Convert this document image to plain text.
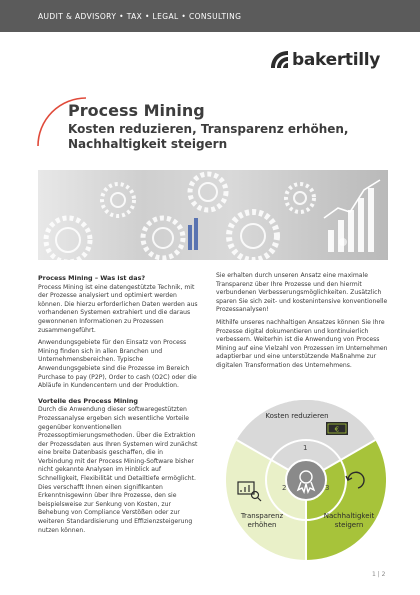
AUDIT & ADVISORY • TAX • LEGAL • CONSULTING
bakertilly
Process Mining
Kosten reduzieren, Transparenz erhöhen, Nachhaltigkeit steigern
Process Mining – Was ist das?

Process Mining ist eine datengestützte Technik, mit der Prozesse analysiert und optimiert werden können. Die hierzu erforderlichen Daten werden aus vorhandenen Systemen extrahiert und die daraus gewonnenen Informationen zu Prozessen zusammengeführt.

Anwendungsgebiete für den Einsatz von Process Mining finden sich in allen Branchen und Unternehmensbereichen. Typische Anwendungsgebiete sind die Prozesse im Bereich Purchase to pay (P2P), Order to cash (O2C) oder die Abläufe in Kundencentern und der Produktion.

Vorteile des Process Mining

Durch die Anwendung dieser softwaregestützten Prozessanalyse ergeben sich wesentliche Vorteile gegenüber konventionellen Prozessoptimierungsmethoden. Über die Extraktion der Prozessdaten aus Ihren Systemen wird zunächst eine breite Datenbasis geschaffen, die in Verbindung mit der Process Mining-Software bisher nicht gekannte Analysen im Hinblick auf Schnelligkeit, Flexibilität und Detailtiefe ermöglicht. Dies verschafft Ihnen einen signifikanten Erkenntnisgewinn über Ihre Prozesse, den sie beispielsweise zur Senkung von Kosten, zur Behebung von Compliance Verstößen oder zur weiteren Standardisierung und Effizienzsteigerung nutzen können.

Sie erhalten durch unseren Ansatz eine maximale Transparenz über Ihre Prozesse und den hiermit verbundenen Verbesserungsmöglichkeiten. Zusätzlich sparen Sie sich zeit- und kostenintensive konventionelle Prozessanalysen!

Mithilfe unseres nachhaltigen Ansatzes können Sie Ihre Prozesse digital dokumentieren und kontinuierlich verbessern. Weiterhin ist die Anwendung von Process Mining auf eine Vielzahl von Prozessen im Unternehmen adaptierbar und eine unterstützende Maßnahme zur digitalen Transformation des Unternehmens.

€
Kosten reduzieren
Transparenz erhöhen
Nachhaltigkeit steigern
1
2	3
1 | 2
